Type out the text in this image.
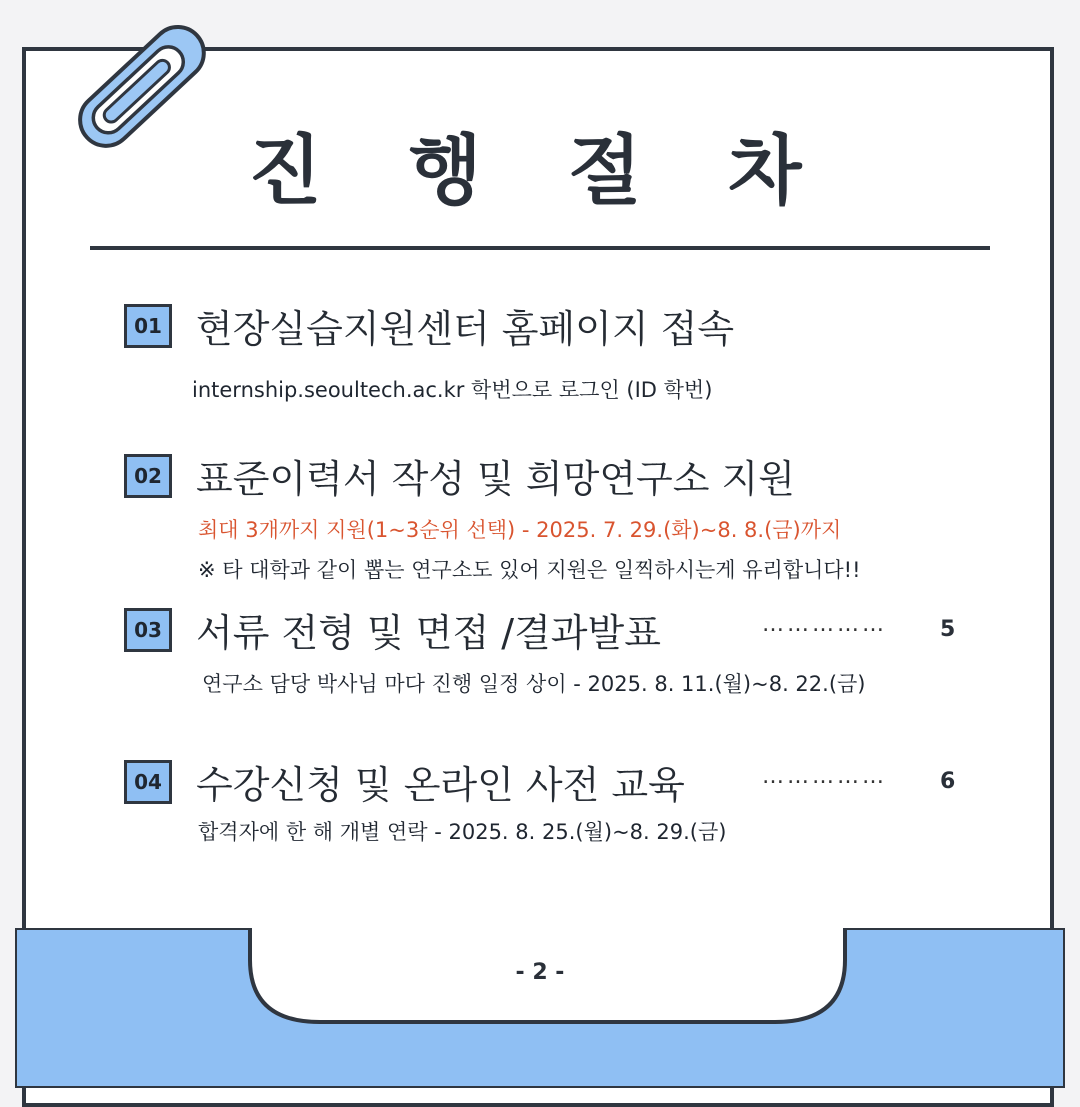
진 행 절 차
01 현장실습지원센터 홈페이지 접속
internship.seoultech.ac.kr 학번으로 로그인 (ID 학번)
02 표준이력서 작성 및 희망연구소 지원
최대 3개까지 지원(1~3순위 선택) - 2025. 7. 29.(화)~8. 8.(금)까지
※ 타 대학과 같이 뽑는 연구소도 있어 지원은 일찍하시는게 유리합니다!!
03 서류 전형 및 면접 /결과발표	…………… 5
연구소 담당 박사님 마다 진행 일정 상이 - 2025. 8. 11.(월)~8. 22.(금)
04 수강신청 및 온라인 사전 교육	…………… 6
합격자에 한 해 개별 연락 - 2025. 8. 25.(월)~8. 29.(금)
- 2 -
